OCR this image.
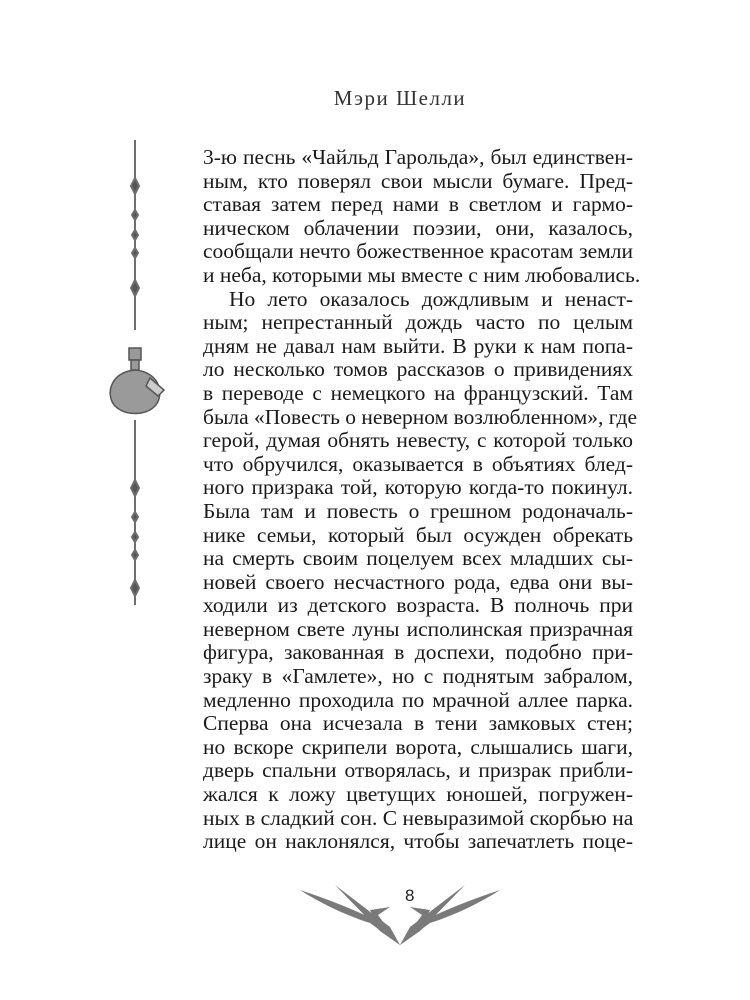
Мэри Шелли
3-ю песнь «Чайльд Гарольда», был единствен-
ным, кто поверял свои мысли бумаге. Пред-
ставая затем перед нами в светлом и гармо-
ническом облачении поэзии, они, казалось,
сообщали нечто божественное красотам земли
и неба, которыми мы вместе с ним любовались.
Но лето оказалось дождливым и ненаст-
ным; непрестанный дождь часто по целым
дням не давал нам выйти. В руки к нам попа-
ло несколько томов рассказов о привидениях
в переводе с немецкого на французский. Там
была «Повесть о неверном возлюбленном», где
герой, думая обнять невесту, с которой только
что обручился, оказывается в объятиях блед-
ного призрака той, которую когда-то покинул.
Была там и повесть о грешном родоначаль-
нике семьи, который был осужден обрекать
на смерть своим поцелуем всех младших сы-
новей своего несчастного рода, едва они вы-
ходили из детского возраста. В полночь при
неверном свете луны исполинская призрачная
фигура, закованная в доспехи, подобно при-
зраку в «Гамлете», но с поднятым забралом,
медленно проходила по мрачной аллее парка.
Сперва она исчезала в тени замковых стен;
но вскоре скрипели ворота, слышались шаги,
дверь спальни отворялась, и призрак прибли-
жался к ложу цветущих юношей, погружен-
ных в сладкий сон. С невыразимой скорбью на
лице он наклонялся, чтобы запечатлеть поце-
8
